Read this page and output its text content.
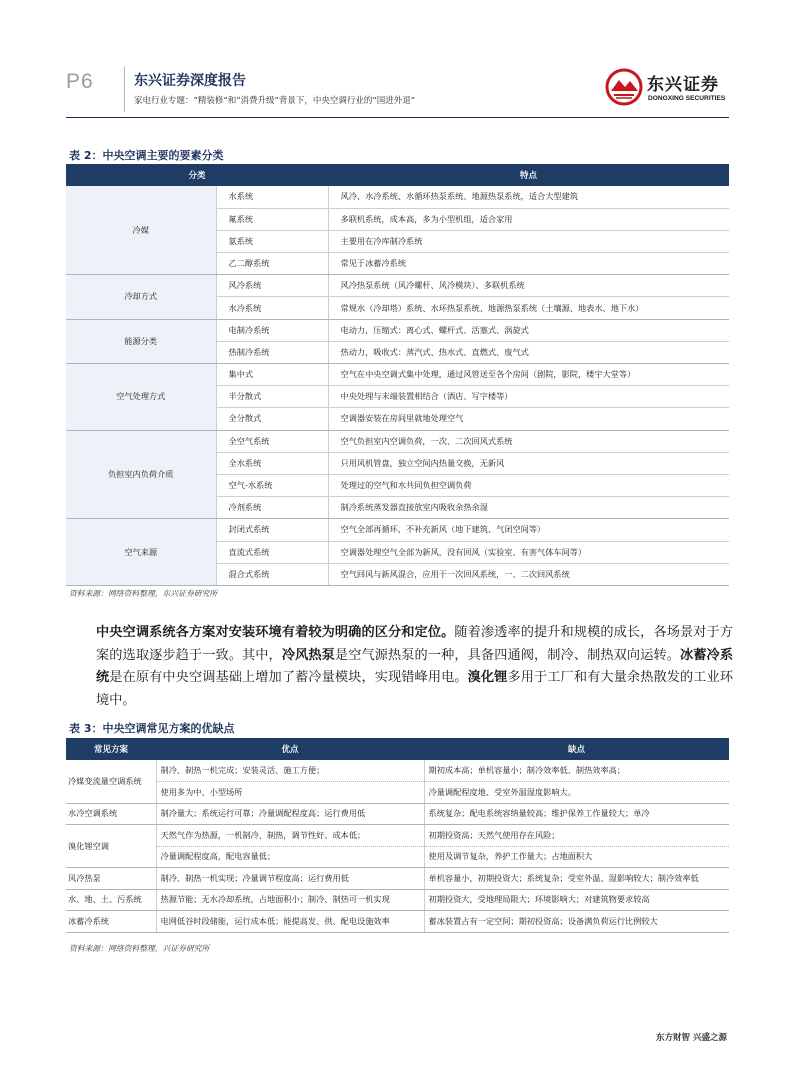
P6	东兴证券深度报告
家电行业专题：“精装修”和“消费升级”背景下，中央空调行业的“国进外退”
东兴证券
DONGXING SECURITIES
表 2：中央空调主要的要素分类
分类		特点
冷媒	水系统	风冷、水冷系统、水循环热泵系统、地源热泵系统，适合大型建筑
	氟系统	多联机系统，成本高，多为小型机组，适合家用
	氨系统	主要用在冷库制冷系统
	乙二醇系统	常见于冰蓄冷系统
冷却方式	风冷系统	风冷热泵系统（风冷螺杆、风冷模块）、多联机系统
	水冷系统	常规水（冷却塔）系统、水环热泵系统、地源热泵系统（土壤源、地表水、地下水）
能源分类	电制冷系统	电动力，压缩式：离心式、螺杆式、活塞式、涡旋式
	热制冷系统	热动力，吸收式：蒸汽式、热水式、直燃式、废气式
空气处理方式	集中式	空气在中央空调式集中处理，通过风管送至各个房间（剧院，影院，楼宇大堂等）
	半分散式	中央处理与末端装置相结合（酒店、写字楼等）
	全分散式	空调器安装在房间里就地处理空气
负担室内负荷介质	全空气系统	空气负担室内空调负荷，一次、二次回风式系统
	全水系统	只用风机管盘，独立空间内热量交换，无新风
	空气-水系统	处理过的空气和水共同负担空调负荷
	冷剂系统	制冷系统蒸发器直接放室内吸收余热余湿
空气来源	封闭式系统	空气全部再循环，不补充新风（地下建筑、气闭空间等）
	直流式系统	空调器处理空气全部为新风，没有回风（实验室、有害气体车间等）
	混合式系统	空气回风与新风混合，应用于一次回风系统，一、二次回风系统
资料来源：网络资料整理，东兴证券研究所
中央空调系统各方案对安装环境有着较为明确的区分和定位。随着渗透率的提升和规模的成长，各场景对于方案的选取逐步趋于一致。其中，冷风热泵是空气源热泵的一种，具备四通阀，制冷、制热双向运转。冰蓄冷系统是在原有中央空调基础上增加了蓄冷量模块，实现错峰用电。溴化锂多用于工厂和有大量余热散发的工业环境中。
表 3：中央空调常见方案的优缺点
常见方案	优点	缺点
冷媒变流量空调系统	制冷、制热一机完成；安装灵活、施工方便；	期初成本高；单机容量小；制冷效率低、制热效率高；
	使用多为中、小型场所	冷量调配程度地、受室外温湿度影响大。
水冷空调系统	制冷量大；系统运行可靠；冷量调配程度高；运行费用低	系统复杂；配电系统容纳量较高；维护保养工作量较大；单冷
溴化锂空调	天然气作为热源，一机制冷、制热，调节性好、成本低；	初期投资高；天然气使用存在风险；
	冷量调配程度高，配电容量低；	使用及调节复杂，养护工作量大；占地面积大
风冷热泵	制冷、制热一机实现；冷量调节程度高；运行费用低	单机容量小，初期投资大；系统复杂；受室外温、湿影响较大；制冷效率低
水、地、土、污系统	热源节能；无水冷却系统，占地面积小；制冷、制热可一机实现	初期投资大，受地理局限大；环境影响大；对建筑物要求较高
冰蓄冷系统	电网低谷时段储能，运行成本低；能提高发、供、配电设施效率	蓄冰装置占有一定空间；期初投资高；设备满负荷运行比例较大
资料来源：网络资料整理，兴证券研究所
东方财智 兴盛之源
